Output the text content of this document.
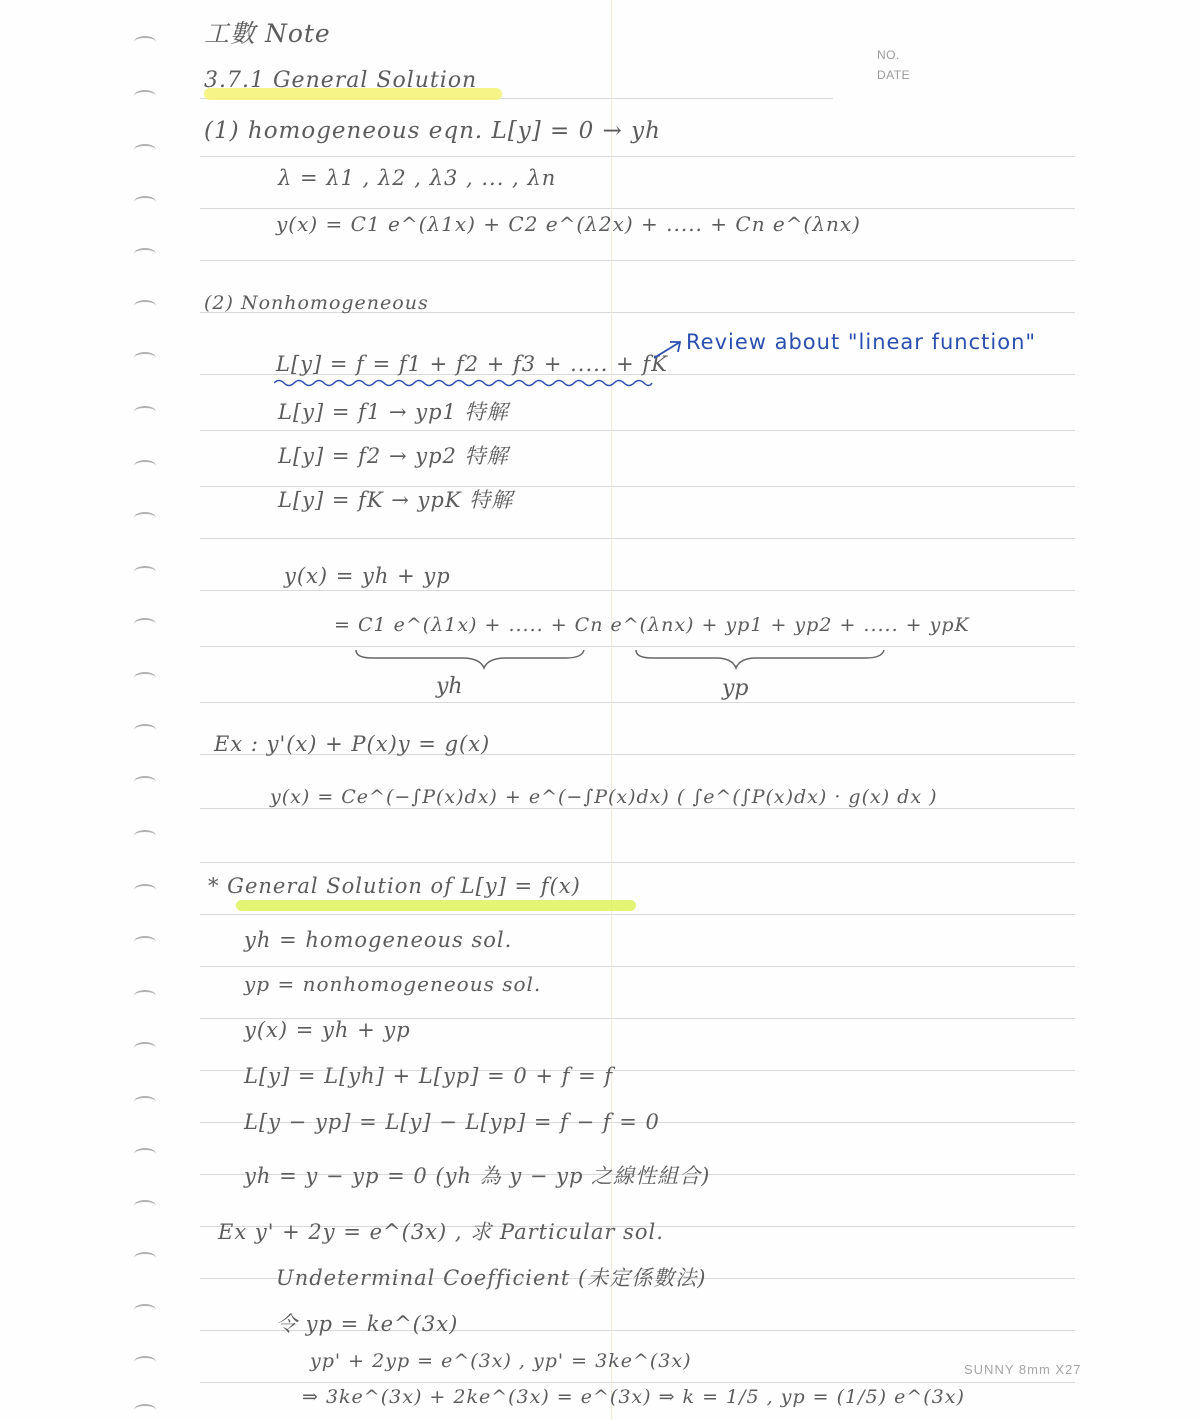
NO.
DATE
工數 Note
3.7.1 General Solution
(1) homogeneous eqn. L[y] = 0 → yh
λ = λ1 , λ2 , λ3 , ... , λn
y(x) = C1 e^(λ1x) + C2 e^(λ2x) + ..... + Cn e^(λnx)
(2) Nonhomogeneous
L[y] = f = f1 + f2 + f3 + ..... + fK
Review about "linear function"
L[y] = f1 → yp1 特解
L[y] = f2 → yp2 特解
L[y] = fK → ypK 特解
y(x) = yh + yp
= C1 e^(λ1x) + ..... + Cn e^(λnx) + yp1 + yp2 + ..... + ypK
yh	yp
Ex : y'(x) + P(x)y = g(x)
y(x) = Ce^(−∫P(x)dx) + e^(−∫P(x)dx) ( ∫e^(∫P(x)dx) · g(x) dx )
* General Solution of L[y] = f(x)
yh = homogeneous sol.
yp = nonhomogeneous sol.
y(x) = yh + yp
L[y] = L[yh] + L[yp] = 0 + f = f
L[y − yp] = L[y] − L[yp] = f − f = 0
yh = y − yp = 0 (yh 為 y − yp 之線性組合)
Ex y' + 2y = e^(3x) , 求 Particular sol.
Undeterminal Coefficient (未定係數法)
令 yp = ke^(3x)
yp' + 2yp = e^(3x) , yp' = 3ke^(3x)
⇒ 3ke^(3x) + 2ke^(3x) = e^(3x) ⇒ k = 1/5 , yp = (1/5) e^(3x)
SUNNY 8mm X27
